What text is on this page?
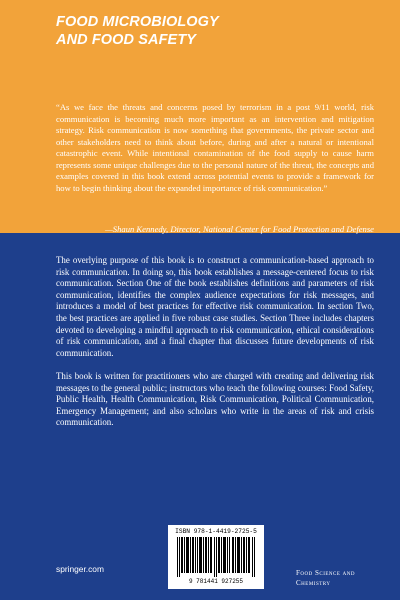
FOOD MICROBIOLOGY
AND FOOD SAFETY
“As we face the threats and concerns posed by terrorism in a post 9/11 world, risk communication is becoming much more important as an intervention and mitigation strategy. Risk communication is now something that governments, the private sector and other stakeholders need to think about before, during and after a natural or intentional catastrophic event. While intentional contamination of the food supply to cause harm represents some unique challenges due to the personal nature of the threat, the concepts and examples covered in this book extend across potential events to provide a framework for how to begin thinking about the expanded importance of risk communication.”
—Shaun Kennedy, Director, National Center for Food Protection and Defense
The overlying purpose of this book is to construct a communication-based approach to risk communication. In doing so, this book establishes a message-centered focus to risk communication. Section One of the book establishes definitions and parameters of risk communication, identifies the complex audience expectations for risk messages, and introduces a model of best practices for effective risk communication. In section Two, the best practices are applied in five robust case studies. Section Three includes chapters devoted to developing a mindful approach to risk communication, ethical considerations of risk communication, and a final chapter that discusses future developments of risk communication.
This book is written for practitioners who are charged with creating and delivering risk messages to the general public; instructors who teach the following courses: Food Safety, Public Health, Health Communication, Risk Communication, Political Communication, Emergency Management; and also scholars who write in the areas of risk and crisis communication.
ISBN 978-1-4419-2725-5
9 781441 927255
springer.com	Food Science and
Chemistry
